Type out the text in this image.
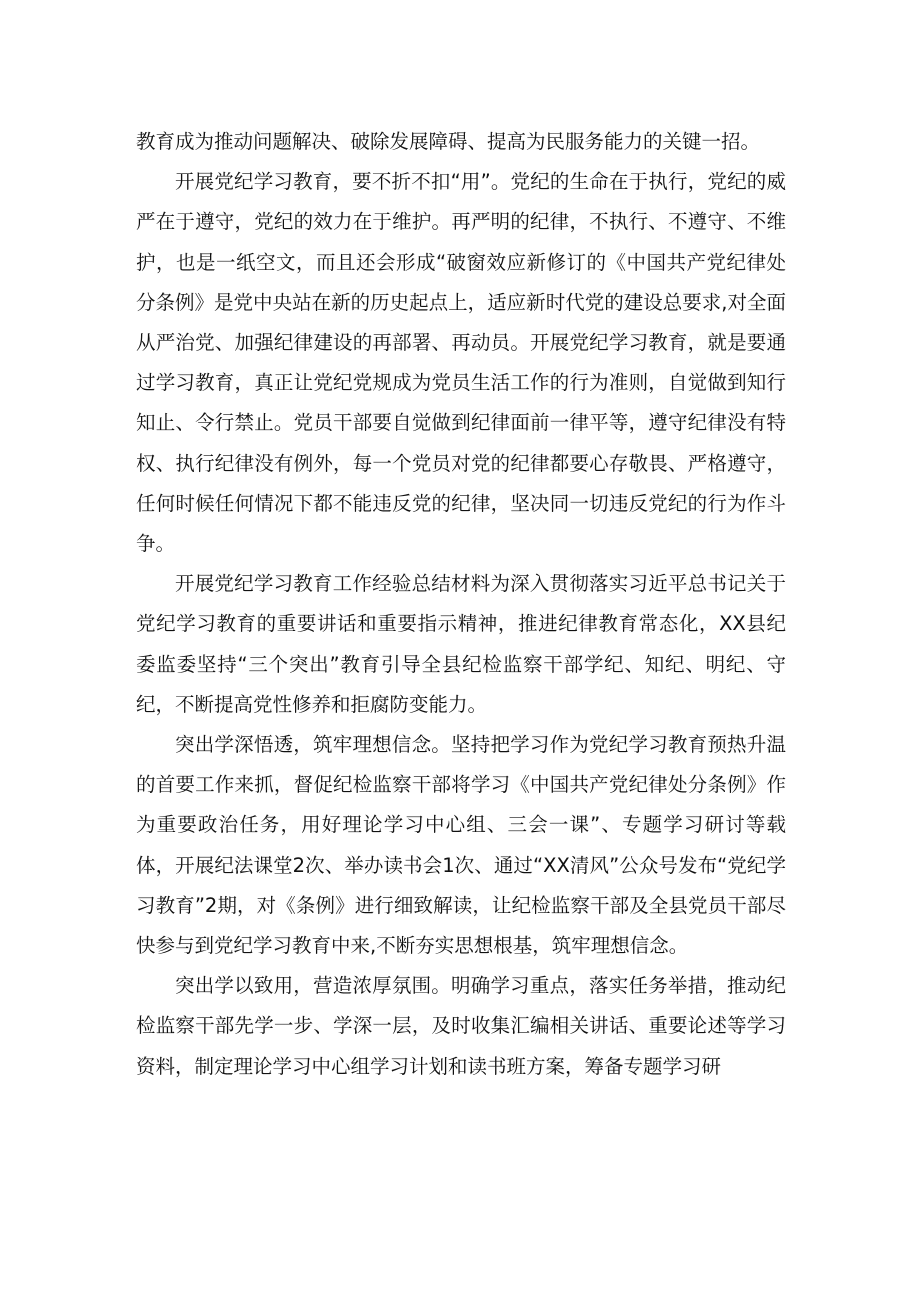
教育成为推动问题解决、破除发展障碍、提高为民服务能力的关键一招。

开展党纪学习教育，要不折不扣“用”。党纪的生命在于执行，党纪的威严在于遵守，党纪的效力在于维护。再严明的纪律，不执行、不遵守、不维护，也是一纸空文，而且还会形成“破窗效应新修订的《中国共产党纪律处分条例》是党中央站在新的历史起点上，适应新时代党的建设总要求,对全面从严治党、加强纪律建设的再部署、再动员。开展党纪学习教育，就是要通过学习教育，真正让党纪党规成为党员生活工作的行为准则，自觉做到知行知止、令行禁止。党员干部要自觉做到纪律面前一律平等，遵守纪律没有特权、执行纪律没有例外，每一个党员对党的纪律都要心存敬畏、严格遵守，任何时候任何情况下都不能违反党的纪律，坚决同一切违反党纪的行为作斗争。

开展党纪学习教育工作经验总结材料为深入贯彻落实习近平总书记关于党纪学习教育的重要讲话和重要指示精神，推进纪律教育常态化，XX县纪委监委坚持“三个突出”教育引导全县纪检监察干部学纪、知纪、明纪、守纪，不断提高党性修养和拒腐防变能力。

突出学深悟透，筑牢理想信念。坚持把学习作为党纪学习教育预热升温的首要工作来抓，督促纪检监察干部将学习《中国共产党纪律处分条例》作为重要政治任务，用好理论学习中心组、三会一课”、专题学习研讨等载体，开展纪法课堂2次、举办读书会1次、通过“XX清风”公众号发布“党纪学习教育”2期，对《条例》进行细致解读，让纪检监察干部及全县党员干部尽快参与到党纪学习教育中来,不断夯实思想根基，筑牢理想信念。

突出学以致用，营造浓厚氛围。明确学习重点，落实任务举措，推动纪检监察干部先学一步、学深一层，及时收集汇编相关讲话、重要论述等学习资料，制定理论学习中心组学习计划和读书班方案，筹备专题学习研
